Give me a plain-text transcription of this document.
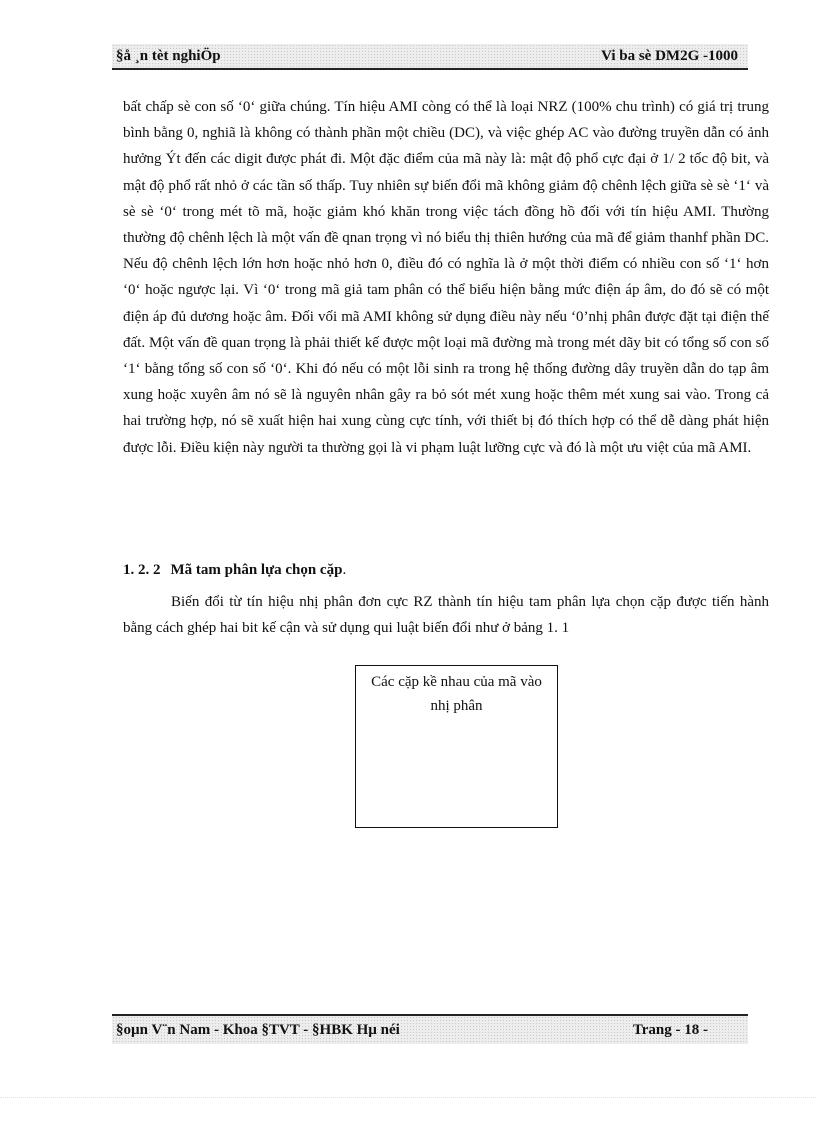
§å ¸n tèt nghiÖp	Vi ba sè DM2G -1000

bất chấp sè con số ‘0‘ giữa chúng. Tín hiệu AMI còng có thể là loại NRZ (100% chu trình) có giá trị trung bình bằng 0, nghiã là không có thành phần một chiều (DC), và việc ghép AC vào đường truyền dẫn có ảnh hưởng Ýt đến các digit được phát đi. Một đặc điểm của mã này là: mật độ phổ cực đại ở 1/ 2 tốc độ bit, và mật độ phổ rất nhỏ ở các tần số thấp. Tuy nhiên sự biến đổi mã không giảm độ chênh lệch giữa sè sè ‘1‘ và sè sè ‘0‘ trong mét tõ mã, hoặc giảm khó khăn trong việc tách đồng hồ đối với tín hiệu AMI. Thường thường độ chênh lệch là một vấn đề qnan trọng vì nó biểu thị thiên hướng của mã để giảm thanhf phần DC. Nếu độ chênh lệch lớn hơn hoặc nhỏ hơn 0, điều đó có nghĩa là ở một thời điểm có nhiều con số ‘1‘ hơn ‘0‘ hoặc ngược lại. Vì ‘0‘ trong mã giả tam phân có thể biểu hiện bằng mức điện áp âm, do đó sẽ có một điện áp đủ dương hoặc âm. Đối vối mã AMI không sử dụng điều này nếu ‘0’nhị phân được đặt tại điện thế đất. Một vấn đề quan trọng là phải thiết kế được một loại mã đường mà trong mét dãy bit có tổng số con số ‘1‘ bằng tổng số con số ‘0‘. Khi đó nếu có một lỗi sinh ra trong hệ thống đường dây truyền dẫn do tạp âm xung hoặc xuyên âm nó sẽ là nguyên nhân gây ra bỏ sót mét xung hoặc thêm mét xung sai vào. Trong cả hai trường hợp, nó sẽ xuất hiện hai xung cùng cực tính, với thiết bị đó thích hợp có thể dễ dàng phát hiện được lỗi. Điều kiện này người ta thường gọi là vi phạm luật lưỡng cực và đó là một ưu việt của mã AMI.

1. 2. 2 Mã tam phân lựa chọn cặp.

Biến đổi từ tín hiệu nhị phân đơn cực RZ thành tín hiệu tam phân lựa chọn cặp được tiến hành bằng cách ghép hai bit kế cận và sử dụng qui luật biến đổi như ở bảng 1. 1

Các cặp kề nhau của mã vào nhị phân
§oµn V¨n Nam - Khoa §TVT - §HBK Hµ néi	Trang - 18 -
